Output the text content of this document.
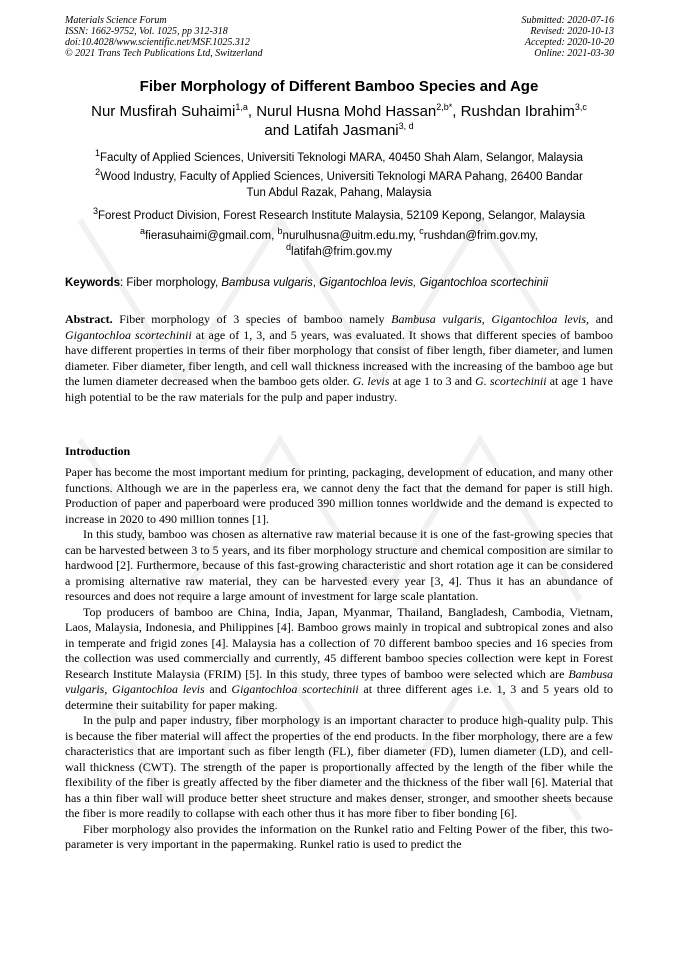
Materials Science Forum
ISSN: 1662-9752, Vol. 1025, pp 312-318
doi:10.4028/www.scientific.net/MSF.1025.312
© 2021 Trans Tech Publications Ltd, Switzerland
Submitted: 2020-07-16
Revised: 2020-10-13
Accepted: 2020-10-20
Online: 2021-03-30
Fiber Morphology of Different Bamboo Species and Age
Nur Musfirah Suhaimi$^{1,a}$, Nurul Husna Mohd Hassan$^{2,b*}$, Rushdan Ibrahim$^{3,c}$
and Latifah Jasmani$^{3, d}$
$^1$Faculty of Applied Sciences, Universiti Teknologi MARA, 40450 Shah Alam, Selangor, Malaysia
$^2$Wood Industry, Faculty of Applied Sciences, Universiti Teknologi MARA Pahang, 26400 Bandar
Tun Abdul Razak, Pahang, Malaysia
$^3$Forest Product Division, Forest Research Institute Malaysia, 52109 Kepong, Selangor, Malaysia
$^a$fierasuhaimi@gmail.com, $^b$nurulhusna@uitm.edu.my, $^c$rushdan@frim.gov.my,
$^d$latifah@frim.gov.my
Keywords: Fiber morphology, Bambusa vulgaris, Gigantochloa levis, Gigantochloa scortechinii
Abstract. Fiber morphology of 3 species of bamboo namely Bambusa vulgaris, Gigantochloa levis, and Gigantochloa scortechinii at age of 1, 3, and 5 years, was evaluated. It shows that different species of bamboo have different properties in terms of their fiber morphology that consist of fiber length, fiber diameter, and lumen diameter. Fiber diameter, fiber length, and cell wall thickness increased with the increasing of the bamboo age but the lumen diameter decreased when the bamboo gets older. G. levis at age 1 to 3 and G. scortechinii at age 1 have high potential to be the raw materials for the pulp and paper industry.
Introduction

Paper has become the most important medium for printing, packaging, development of education, and many other functions. Although we are in the paperless era, we cannot deny the fact that the demand for paper is still high. Production of paper and paperboard were produced 390 million tonnes worldwide and the demand is expected to increase in 2020 to 490 million tonnes [1].

In this study, bamboo was chosen as alternative raw material because it is one of the fast-growing species that can be harvested between 3 to 5 years, and its fiber morphology structure and chemical composition are similar to hardwood [2]. Furthermore, because of this fast-growing characteristic and short rotation age it can be considered a promising alternative raw material, they can be harvested every year [3, 4]. Thus it has an abundance of resources and does not require a large amount of investment for large scale plantation.

Top producers of bamboo are China, India, Japan, Myanmar, Thailand, Bangladesh, Cambodia, Vietnam, Laos, Malaysia, Indonesia, and Philippines [4]. Bamboo grows mainly in tropical and subtropical zones and also in temperate and frigid zones [4]. Malaysia has a collection of 70 different bamboo species and 16 species from the collection was used commercially and currently, 45 different bamboo species collection were kept in Forest Research Institute Malaysia (FRIM) [5]. In this study, three types of bamboo were selected which are Bambusa vulgaris, Gigantochloa levis and Gigantochloa scortechinii at three different ages i.e. 1, 3 and 5 years old to determine their suitability for paper making.

In the pulp and paper industry, fiber morphology is an important character to produce high-quality pulp. This is because the fiber material will affect the properties of the end products. In the fiber morphology, there are a few characteristics that are important such as fiber length (FL), fiber diameter (FD), lumen diameter (LD), and cell-wall thickness (CWT). The strength of the paper is proportionally affected by the length of the fiber while the flexibility of the fiber is greatly affected by the fiber diameter and the thickness of the fiber wall [6]. Material that has a thin fiber wall will produce better sheet structure and makes denser, stronger, and smoother sheets because the fiber is more readily to collapse with each other thus it has more fiber to fiber bonding [6].

Fiber morphology also provides the information on the Runkel ratio and Felting Power of the fiber, this two-parameter is very important in the papermaking. Runkel ratio is used to predict the
